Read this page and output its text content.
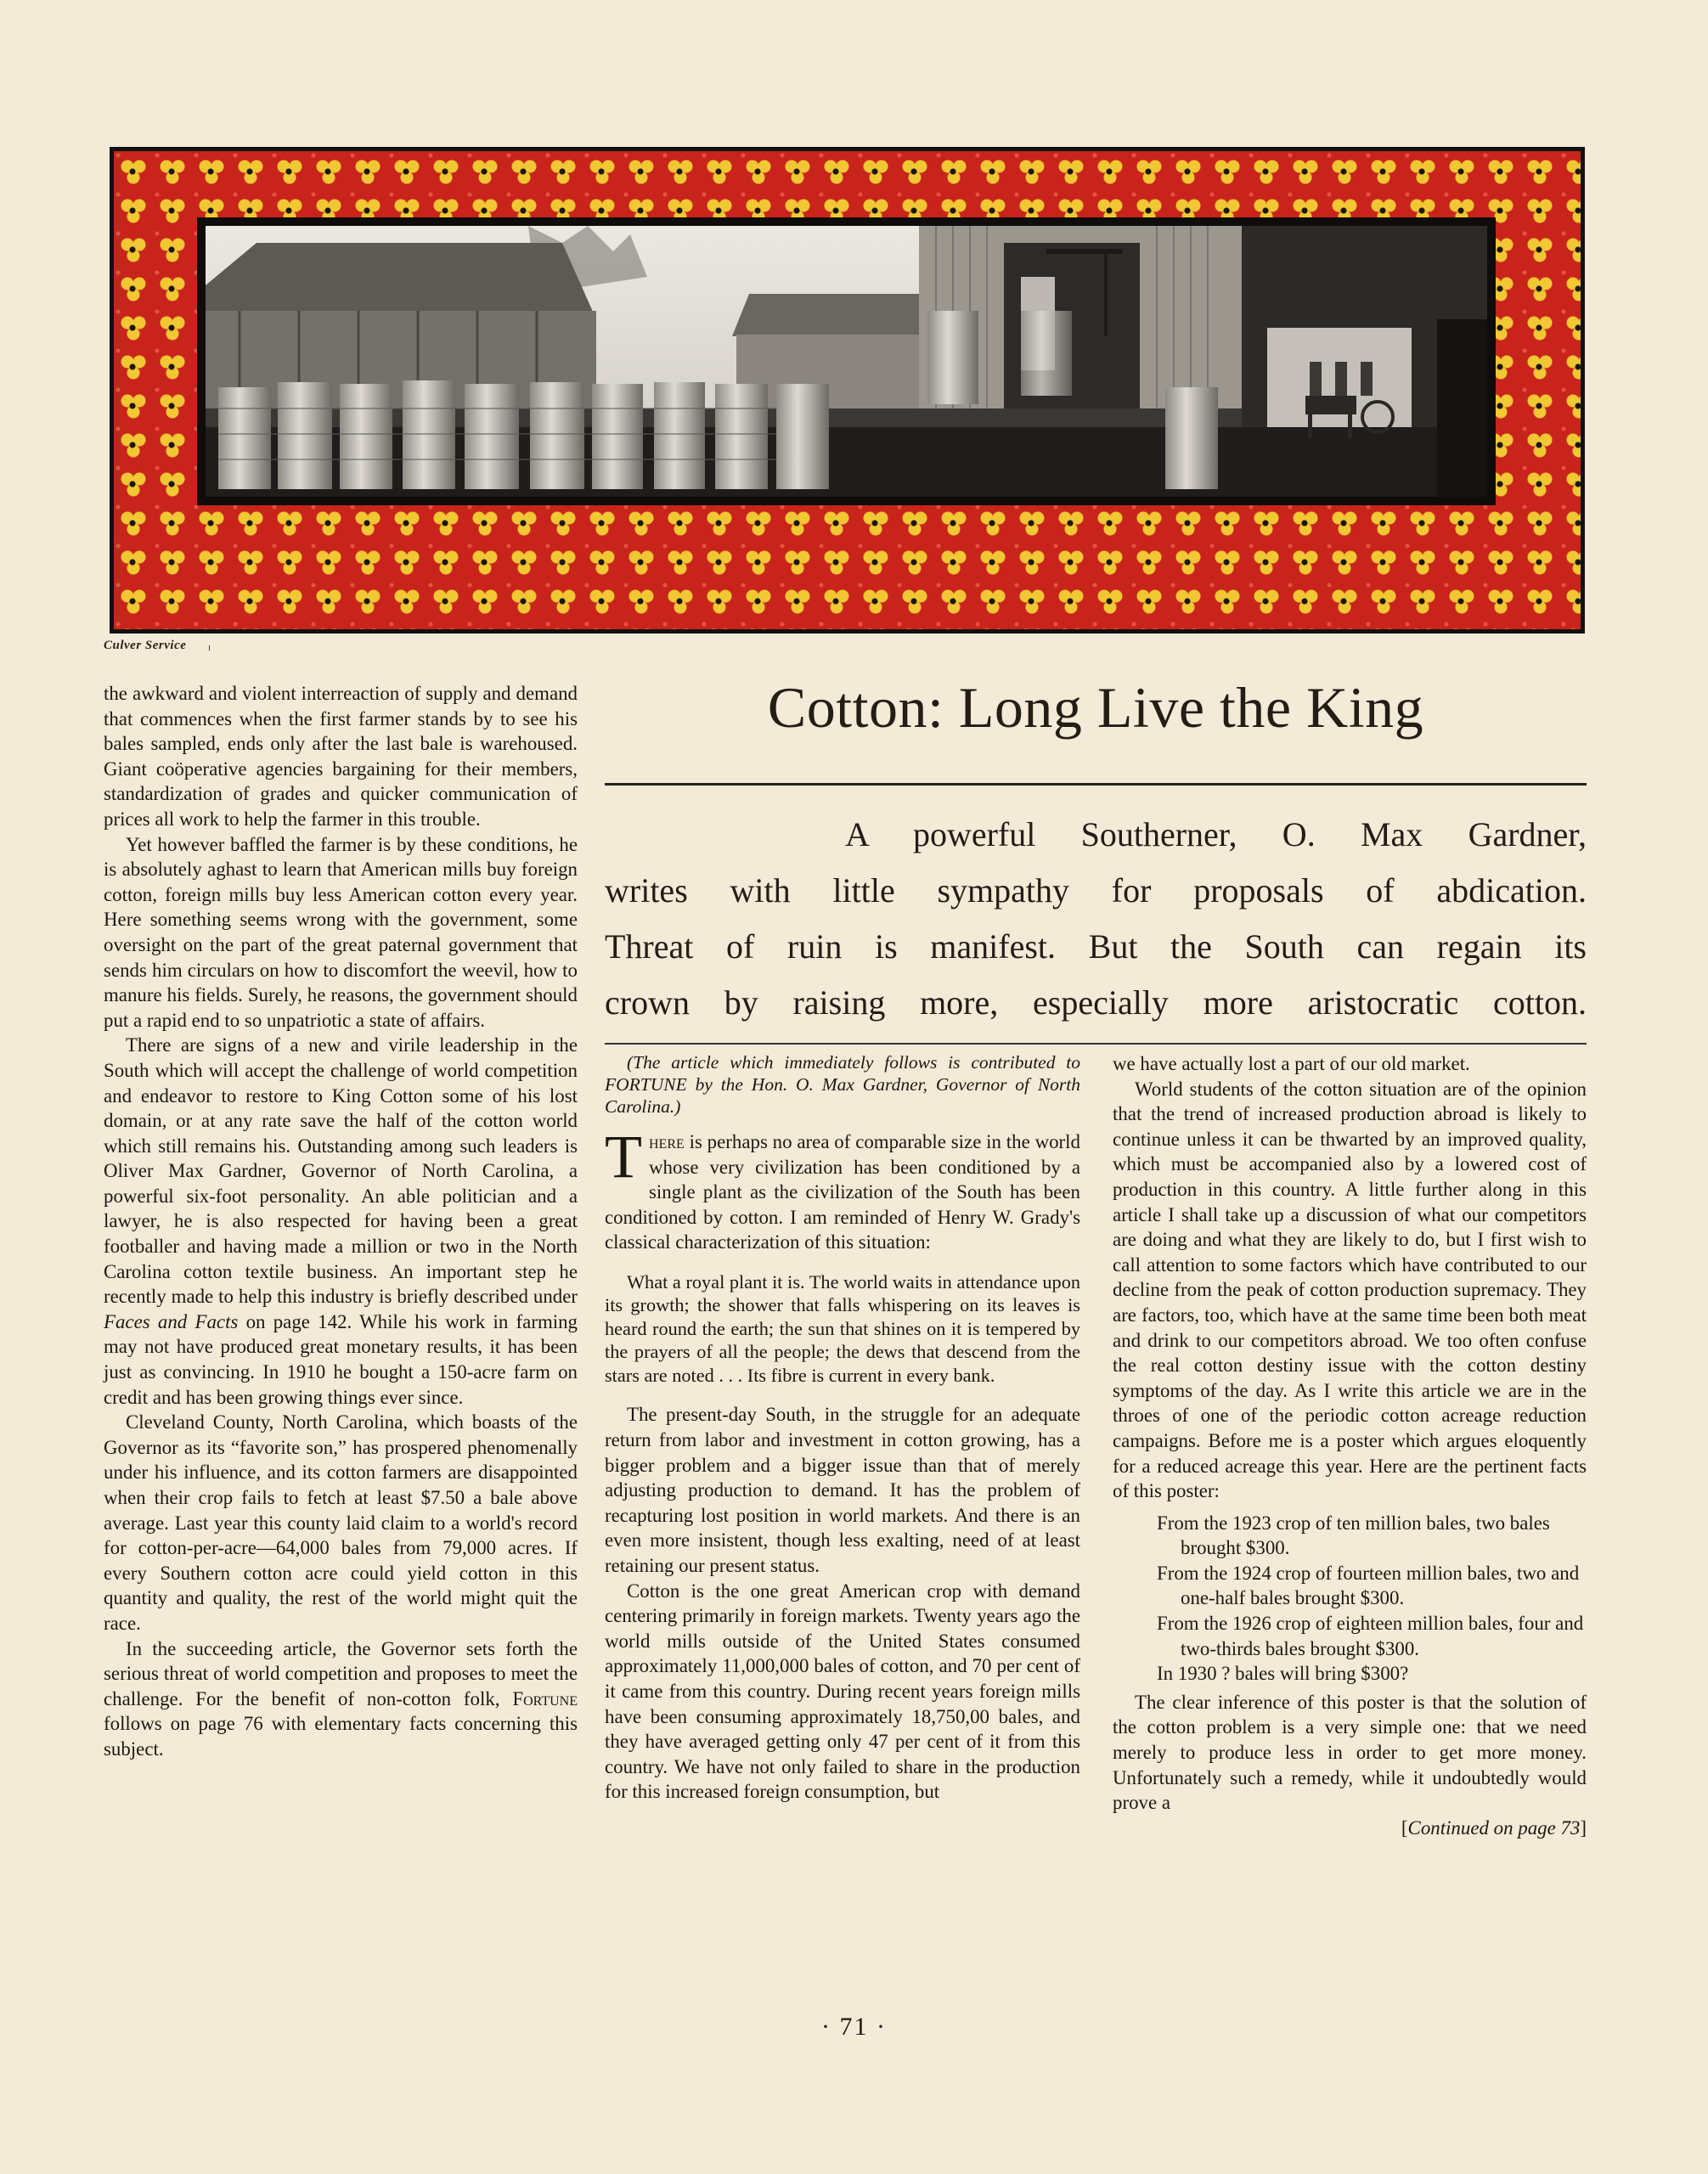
Culver Service

the awkward and violent interreaction of supply and demand that commences when the first farmer stands by to see his bales sampled, ends only after the last bale is warehoused. Giant coöperative agencies bargaining for their members, standardization of grades and quicker communication of prices all work to help the farmer in this trouble.

Yet however baffled the farmer is by these conditions, he is absolutely aghast to learn that American mills buy foreign cotton, foreign mills buy less American cotton every year. Here something seems wrong with the government, some oversight on the part of the great paternal government that sends him circulars on how to discomfort the weevil, how to manure his fields. Surely, he reasons, the government should put a rapid end to so unpatriotic a state of affairs.

There are signs of a new and virile leadership in the South which will accept the challenge of world competition and endeavor to restore to King Cotton some of his lost domain, or at any rate save the half of the cotton world which still remains his. Outstanding among such leaders is Oliver Max Gardner, Governor of North Carolina, a powerful six-foot personality. An able politician and a lawyer, he is also respected for having been a great footballer and having made a million or two in the North Carolina cotton textile business. An important step he recently made to help this industry is briefly described under Faces and Facts on page 142. While his work in farming may not have produced great monetary results, it has been just as convincing. In 1910 he bought a 150-acre farm on credit and has been growing things ever since.

Cleveland County, North Carolina, which boasts of the Governor as its “favorite son,” has prospered phenomenally under his influence, and its cotton farmers are disappointed when their crop fails to fetch at least $7.50 a bale above average. Last year this county laid claim to a world's record for cotton-per-acre—64,000 bales from 79,000 acres. If every Southern cotton acre could yield cotton in this quantity and quality, the rest of the world might quit the race.

In the succeeding article, the Governor sets forth the serious threat of world competition and proposes to meet the challenge. For the benefit of non-cotton folk, Fortune follows on page 76 with elementary facts concerning this subject.

Cotton: Long Live the King
A powerful Southerner, O. Max Gardner,
writes with little sympathy for proposals of abdication.
Threat of ruin is manifest. But the South can regain its
crown by raising more, especially more aristocratic cotton.

(The article which immediately follows is contributed to FORTUNE by the Hon. O. Max Gardner, Governor of North Carolina.)

There is perhaps no area of comparable size in the world whose very civilization has been conditioned by a single plant as the civilization of the South has been conditioned by cotton. I am reminded of Henry W. Grady's classical characterization of this situation:

What a royal plant it is. The world waits in attendance upon its growth; the shower that falls whispering on its leaves is heard round the earth; the sun that shines on it is tempered by the prayers of all the people; the dews that descend from the stars are noted . . . Its fibre is current in every bank.

The present-day South, in the struggle for an adequate return from labor and investment in cotton growing, has a bigger problem and a bigger issue than that of merely adjusting production to demand. It has the problem of recapturing lost position in world markets. And there is an even more insistent, though less exalting, need of at least retaining our present status.

Cotton is the one great American crop with demand centering primarily in foreign markets. Twenty years ago the world mills outside of the United States consumed approximately 11,000,000 bales of cotton, and 70 per cent of it came from this country. During recent years foreign mills have been consuming approximately 18,750,00 bales, and they have averaged getting only 47 per cent of it from this country. We have not only failed to share in the production for this increased foreign consumption, but

we have actually lost a part of our old market.

World students of the cotton situation are of the opinion that the trend of increased production abroad is likely to continue unless it can be thwarted by an improved quality, which must be accompanied also by a lowered cost of production in this country. A little further along in this article I shall take up a discussion of what our competitors are doing and what they are likely to do, but I first wish to call attention to some factors which have contributed to our decline from the peak of cotton production supremacy. They are factors, too, which have at the same time been both meat and drink to our competitors abroad. We too often confuse the real cotton destiny issue with the cotton destiny symptoms of the day. As I write this article we are in the throes of one of the periodic cotton acreage reduction campaigns. Before me is a poster which argues eloquently for a reduced acreage this year. Here are the pertinent facts of this poster:

From the 1923 crop of ten million bales, two bales brought $300.
From the 1924 crop of fourteen million bales, two and one-half bales brought $300.
From the 1926 crop of eighteen million bales, four and two-thirds bales brought $300.
In 1930 ? bales will bring $300?

The clear inference of this poster is that the solution of the cotton problem is a very simple one: that we need merely to produce less in order to get more money. Unfortunately such a remedy, while it undoubtedly would prove a

[Continued on page 73]

· 71 ·
